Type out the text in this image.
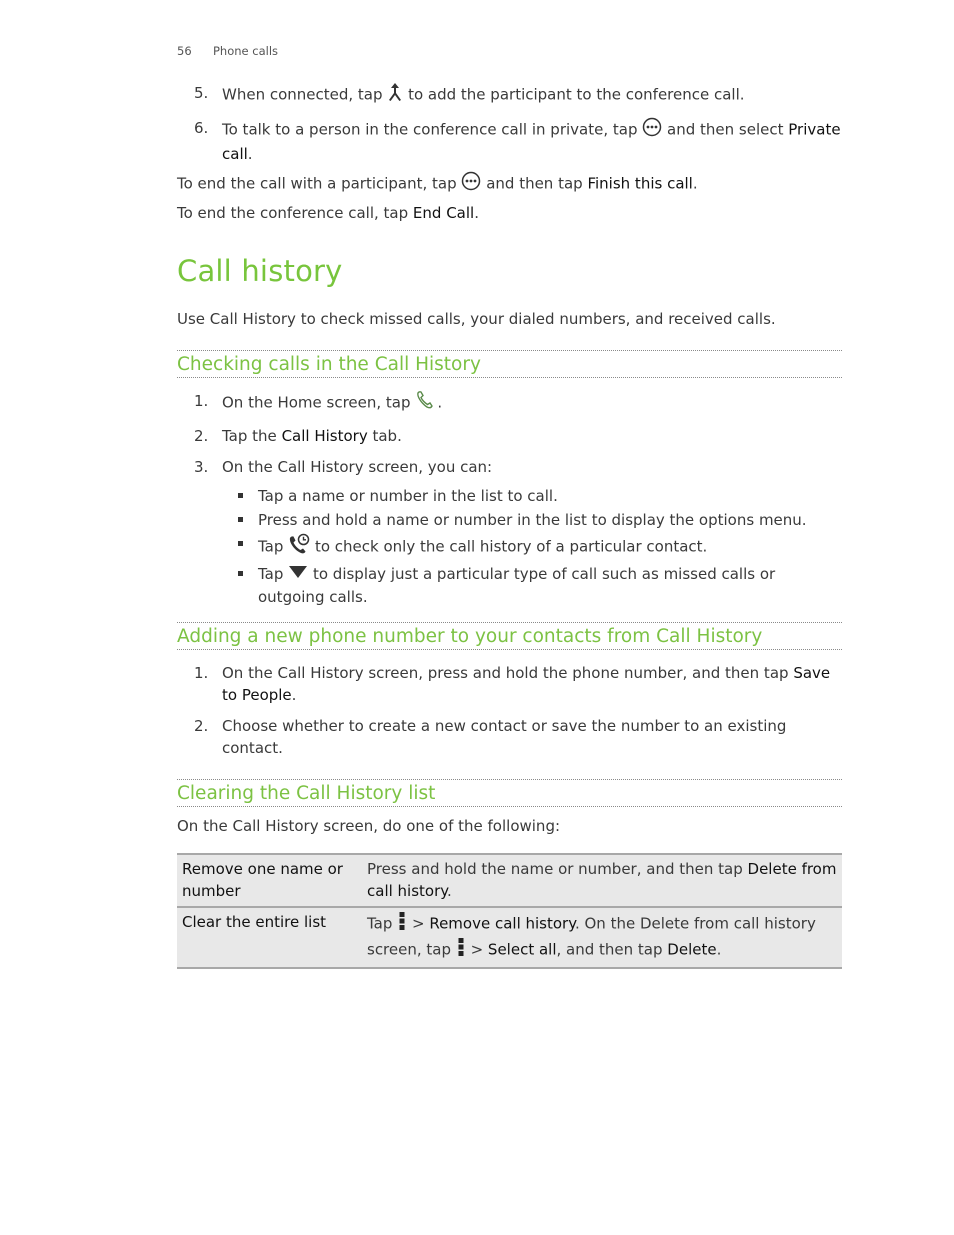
56 Phone calls

5. When connected, tap to add the participant to the conference call.

6. To talk to a person in the conference call in private, tap and then select Private call.

To end the call with a participant, tap and then tap Finish this call.

To end the conference call, tap End Call.

Call history

Use Call History to check missed calls, your dialed numbers, and received calls.

Checking calls in the Call History

1. On the Home screen, tap .

2. Tap the Call History tab.

3. On the Call History screen, you can:

Tap a name or number in the list to call.

Press and hold a name or number in the list to display the options menu.

Tap to check only the call history of a particular contact.

Tap to display just a particular type of call such as missed calls or outgoing calls.

Adding a new phone number to your contacts from Call History

1. On the Call History screen, press and hold the phone number, and then tap Save to People.

2. Choose whether to create a new contact or save the number to an existing contact.

Clearing the Call History list

On the Call History screen, do one of the following:

Remove one name or number	Press and hold the name or number, and then tap Delete from call history.
Clear the entire list	Tap > Remove call history. On the Delete from call history screen, tap > Select all, and then tap Delete.
